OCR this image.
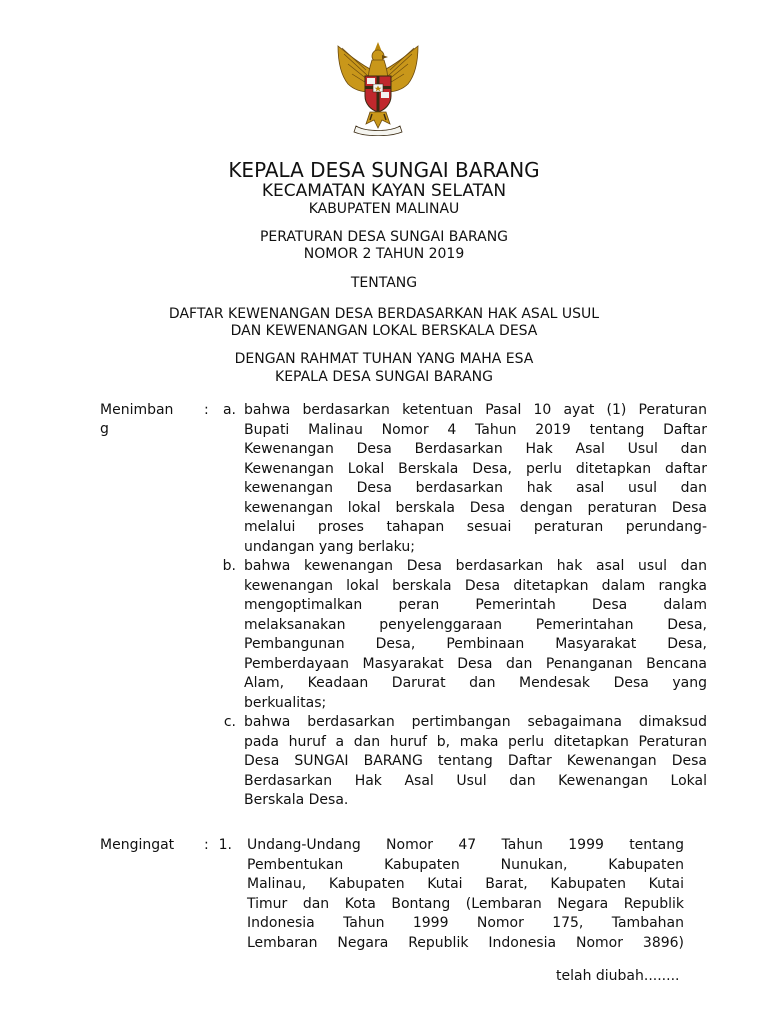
KEPALA DESA SUNGAI BARANG
KECAMATAN KAYAN SELATAN
KABUPATEN MALINAU
PERATURAN DESA SUNGAI BARANG
NOMOR 2 TAHUN 2019
TENTANG
DAFTAR KEWENANGAN DESA BERDASARKAN HAK ASAL USUL
DAN KEWENANGAN LOKAL BERSKALA DESA
DENGAN RAHMAT TUHAN YANG MAHA ESA
KEPALA DESA SUNGAI BARANG
Menimban
g
:	a. bahwa berdasarkan ketentuan Pasal 10 ayat (1) Peraturan
Bupati Malinau Nomor 4 Tahun 2019 tentang Daftar
Kewenangan Desa Berdasarkan Hak Asal Usul dan
Kewenangan Lokal Berskala Desa, perlu ditetapkan daftar
kewenangan Desa berdasarkan hak asal usul dan
kewenangan lokal berskala Desa dengan peraturan Desa
melalui proses tahapan sesuai peraturan perundang-
undangan yang berlaku;
b. bahwa kewenangan Desa berdasarkan hak asal usul dan
kewenangan lokal berskala Desa ditetapkan dalam rangka
mengoptimalkan peran Pemerintah Desa dalam
melaksanakan penyelenggaraan Pemerintahan Desa,
Pembangunan Desa, Pembinaan Masyarakat Desa,
Pemberdayaan Masyarakat Desa dan Penanganan Bencana
Alam, Keadaan Darurat dan Mendesak Desa yang
berkualitas;
c. bahwa berdasarkan pertimbangan sebagaimana dimaksud
pada huruf a dan huruf b, maka perlu ditetapkan Peraturan
Desa SUNGAI BARANG tentang Daftar Kewenangan Desa
Berdasarkan Hak Asal Usul dan Kewenangan Lokal
Berskala Desa.
Mengingat : 1. Undang-Undang Nomor 47 Tahun 1999 tentang
Pembentukan Kabupaten Nunukan, Kabupaten
Malinau, Kabupaten Kutai Barat, Kabupaten Kutai
Timur dan Kota Bontang (Lembaran Negara Republik
Indonesia Tahun 1999 Nomor 175, Tambahan
Lembaran Negara Republik Indonesia Nomor 3896)
telah diubah........
